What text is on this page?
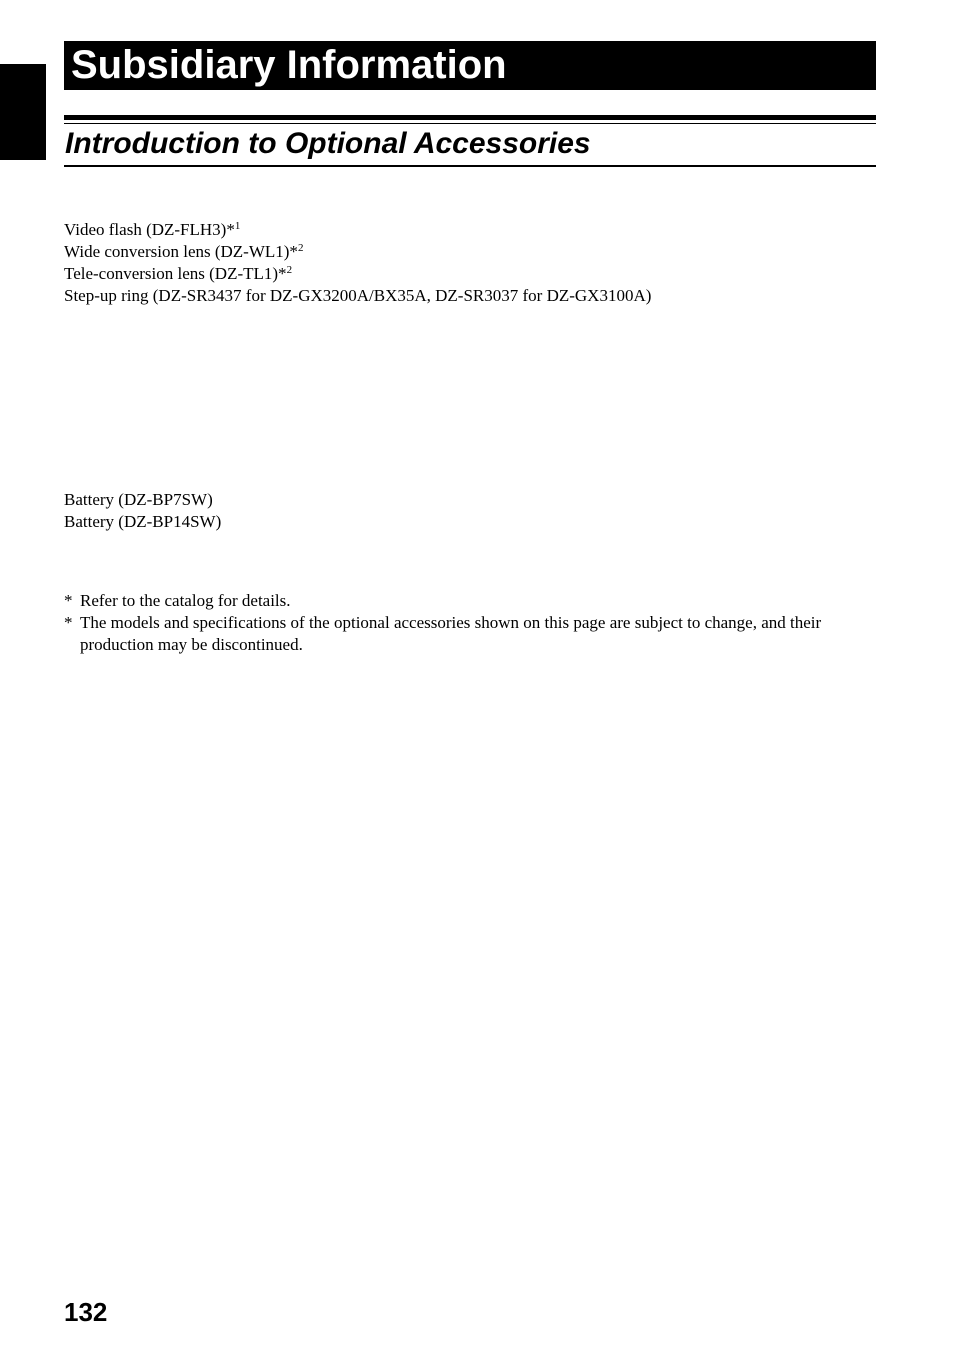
Subsidiary Information
Introduction to Optional Accessories
Video flash (DZ-FLH3)*$^1$
Wide conversion lens (DZ-WL1)*$^2$
Tele-conversion lens (DZ-TL1)*$^2$
Step-up ring (DZ-SR3437 for DZ-GX3200A/BX35A, DZ-SR3037 for DZ-GX3100A)
Battery (DZ-BP7SW)
Battery (DZ-BP14SW)
* Refer to the catalog for details.
* The models and specifications of the optional accessories shown on this page are subject to change, and their production may be discontinued.
132
